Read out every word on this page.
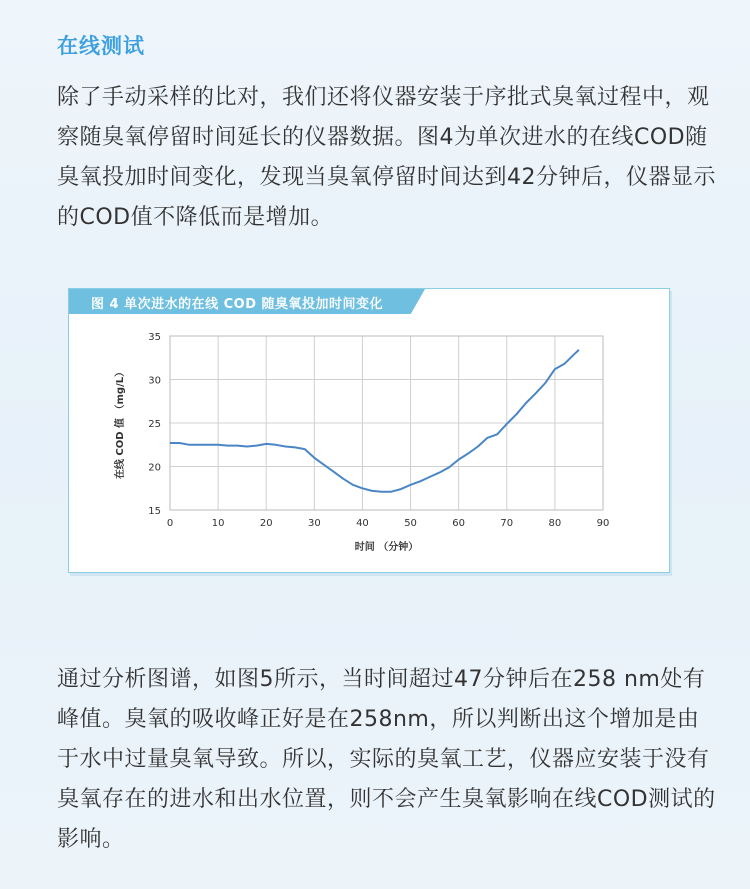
在线测试

除了手动采样的比对，我们还将仪器安装于序批式臭氧过程中，观察随臭氧停留时间延长的仪器数据。图4为单次进水的在线COD随臭氧投加时间变化，发现当臭氧停留时间达到42分钟后，仪器显示的COD值不降低而是增加。

图 4 单次进水的在线 COD 随臭氧投加时间变化
15
20
25
30
35
0	10	20	30	40	50	60	70	80	90
时间 （分钟）
在线 COD 值 （mg/L）

通过分析图谱，如图5所示，当时间超过47分钟后在258 nm处有峰值。臭氧的吸收峰正好是在258nm，所以判断出这个增加是由于水中过量臭氧导致。所以，实际的臭氧工艺，仪器应安装于没有臭氧存在的进水和出水位置，则不会产生臭氧影响在线COD测试的影响。
